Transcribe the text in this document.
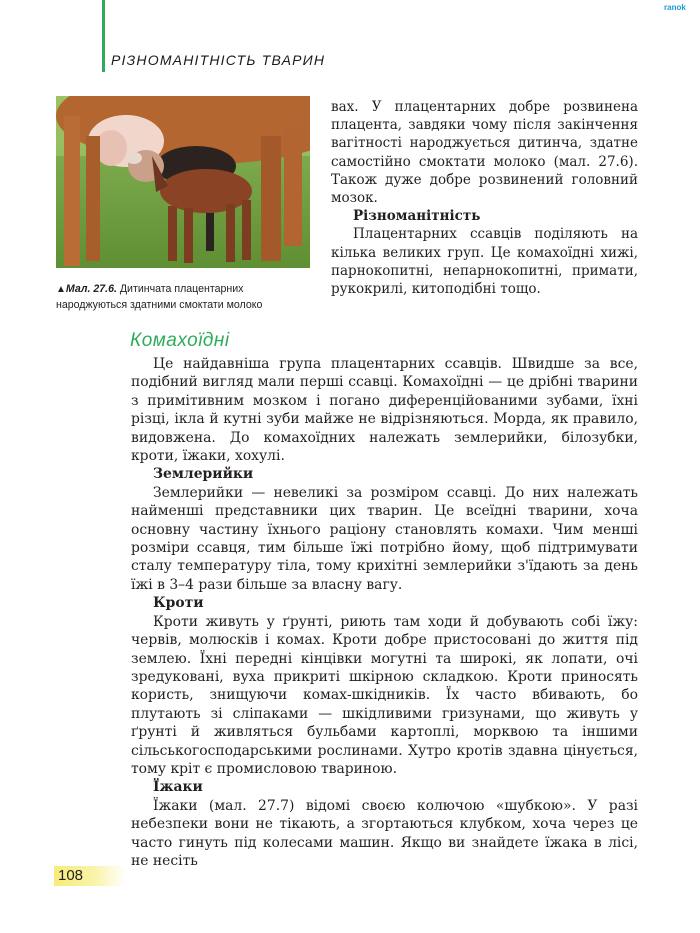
РІЗНОМАНІТНІСТЬ ТВАРИН
ranok
▲Мал. 27.6. Дитинчата плацентарних народжуються здатними смоктати молоко

вах. У плацентарних добре розвинена плацента, завдяки чому після закінчення вагітності народжується дитинча, здатне самостійно смоктати молоко (мал. 27.6). Також дуже добре розвинений головний мозок.

Різноманітність

Плацентарних ссавців поділяють на кілька великих груп. Це комахоїдні хижі, парнокопитні, непарнокопитні, примати, рукокрилі, китоподібні тощо.

Комахоїдні

Це найдавніша група плацентарних ссавців. Швидше за все, подібний вигляд мали перші ссавці. Комахоїдні — це дрібні тварини з примітивним мозком і погано диференційованими зубами, їхні різці, ікла й кутні зуби майже не відрізняються. Морда, як правило, видовжена. До комахоїдних належать землерийки, білозубки, кроти, їжаки, хохулі.

Землерийки

Землерийки — невеликі за розміром ссавці. До них належать найменші представники цих тварин. Це всеїдні тварини, хоча основну частину їхнього раціону становлять комахи. Чим менші розміри ссавця, тим більше їжі потрібно йому, щоб підтримувати сталу температуру тіла, тому крихітні землерийки з'їдають за день їжі в 3–4 рази більше за власну вагу.

Кроти

Кроти живуть у ґрунті, риють там ходи й добувають собі їжу: червів, молюсків і комах. Кроти добре пристосовані до життя під землею. Їхні передні кінцівки могутні та широкі, як лопати, очі зредуковані, вуха прикриті шкірною складкою. Кроти приносять користь, знищуючи комах-шкідників. Їх часто вбивають, бо плутають зі сліпаками — шкідливими гризунами, що живуть у ґрунті й живляться бульбами картоплі, морквою та іншими сільськогосподарськими рослинами. Хутро кротів здавна цінується, тому кріт є промисловою твариною.

Їжаки

Їжаки (мал. 27.7) відомі своєю колючою «шубкою». У разі небезпеки вони не тікають, а згортаються клубком, хоча через це часто гинуть під колесами машин. Якщо ви знайдете їжака в лісі, не несіть

108
